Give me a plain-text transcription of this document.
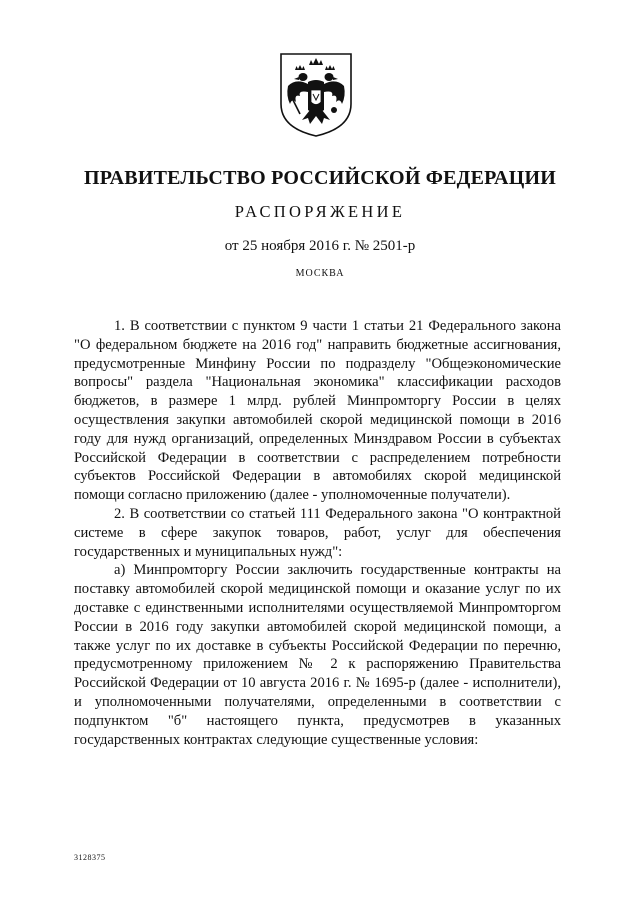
ПРАВИТЕЛЬСТВО РОССИЙСКОЙ ФЕДЕРАЦИИ
РАСПОРЯЖЕНИЕ
от 25 ноября 2016 г. № 2501-р
МОСКВА

1. В соответствии с пунктом 9 части 1 статьи 21 Федерального закона "О федеральном бюджете на 2016 год" направить бюджетные ассигнования, предусмотренные Минфину России по подразделу "Общеэкономические вопросы" раздела "Национальная экономика" классификации расходов бюджетов, в размере 1 млрд. рублей Минпромторгу России в целях осуществления закупки автомобилей скорой медицинской помощи в 2016 году для нужд организаций, определенных Минздравом России в субъектах Российской Федерации в соответствии с распределением потребности субъектов Российской Федерации в автомобилях скорой медицинской помощи согласно приложению (далее - уполномоченные получатели).

2. В соответствии со статьей 111 Федерального закона "О контрактной системе в сфере закупок товаров, работ, услуг для обеспечения государственных и муниципальных нужд":

а) Минпромторгу России заключить государственные контракты на поставку автомобилей скорой медицинской помощи и оказание услуг по их доставке с единственными исполнителями осуществляемой Минпромторгом России в 2016 году закупки автомобилей скорой медицинской помощи, а также услуг по их доставке в субъекты Российской Федерации по перечню, предусмотренному приложением № 2 к распоряжению Правительства Российской Федерации от 10 августа 2016 г. № 1695-р (далее - исполнители), и уполномоченными получателями, определенными в соответствии с подпунктом "б" настоящего пункта, предусмотрев в указанных государственных контрактах следующие существенные условия:

3128375
